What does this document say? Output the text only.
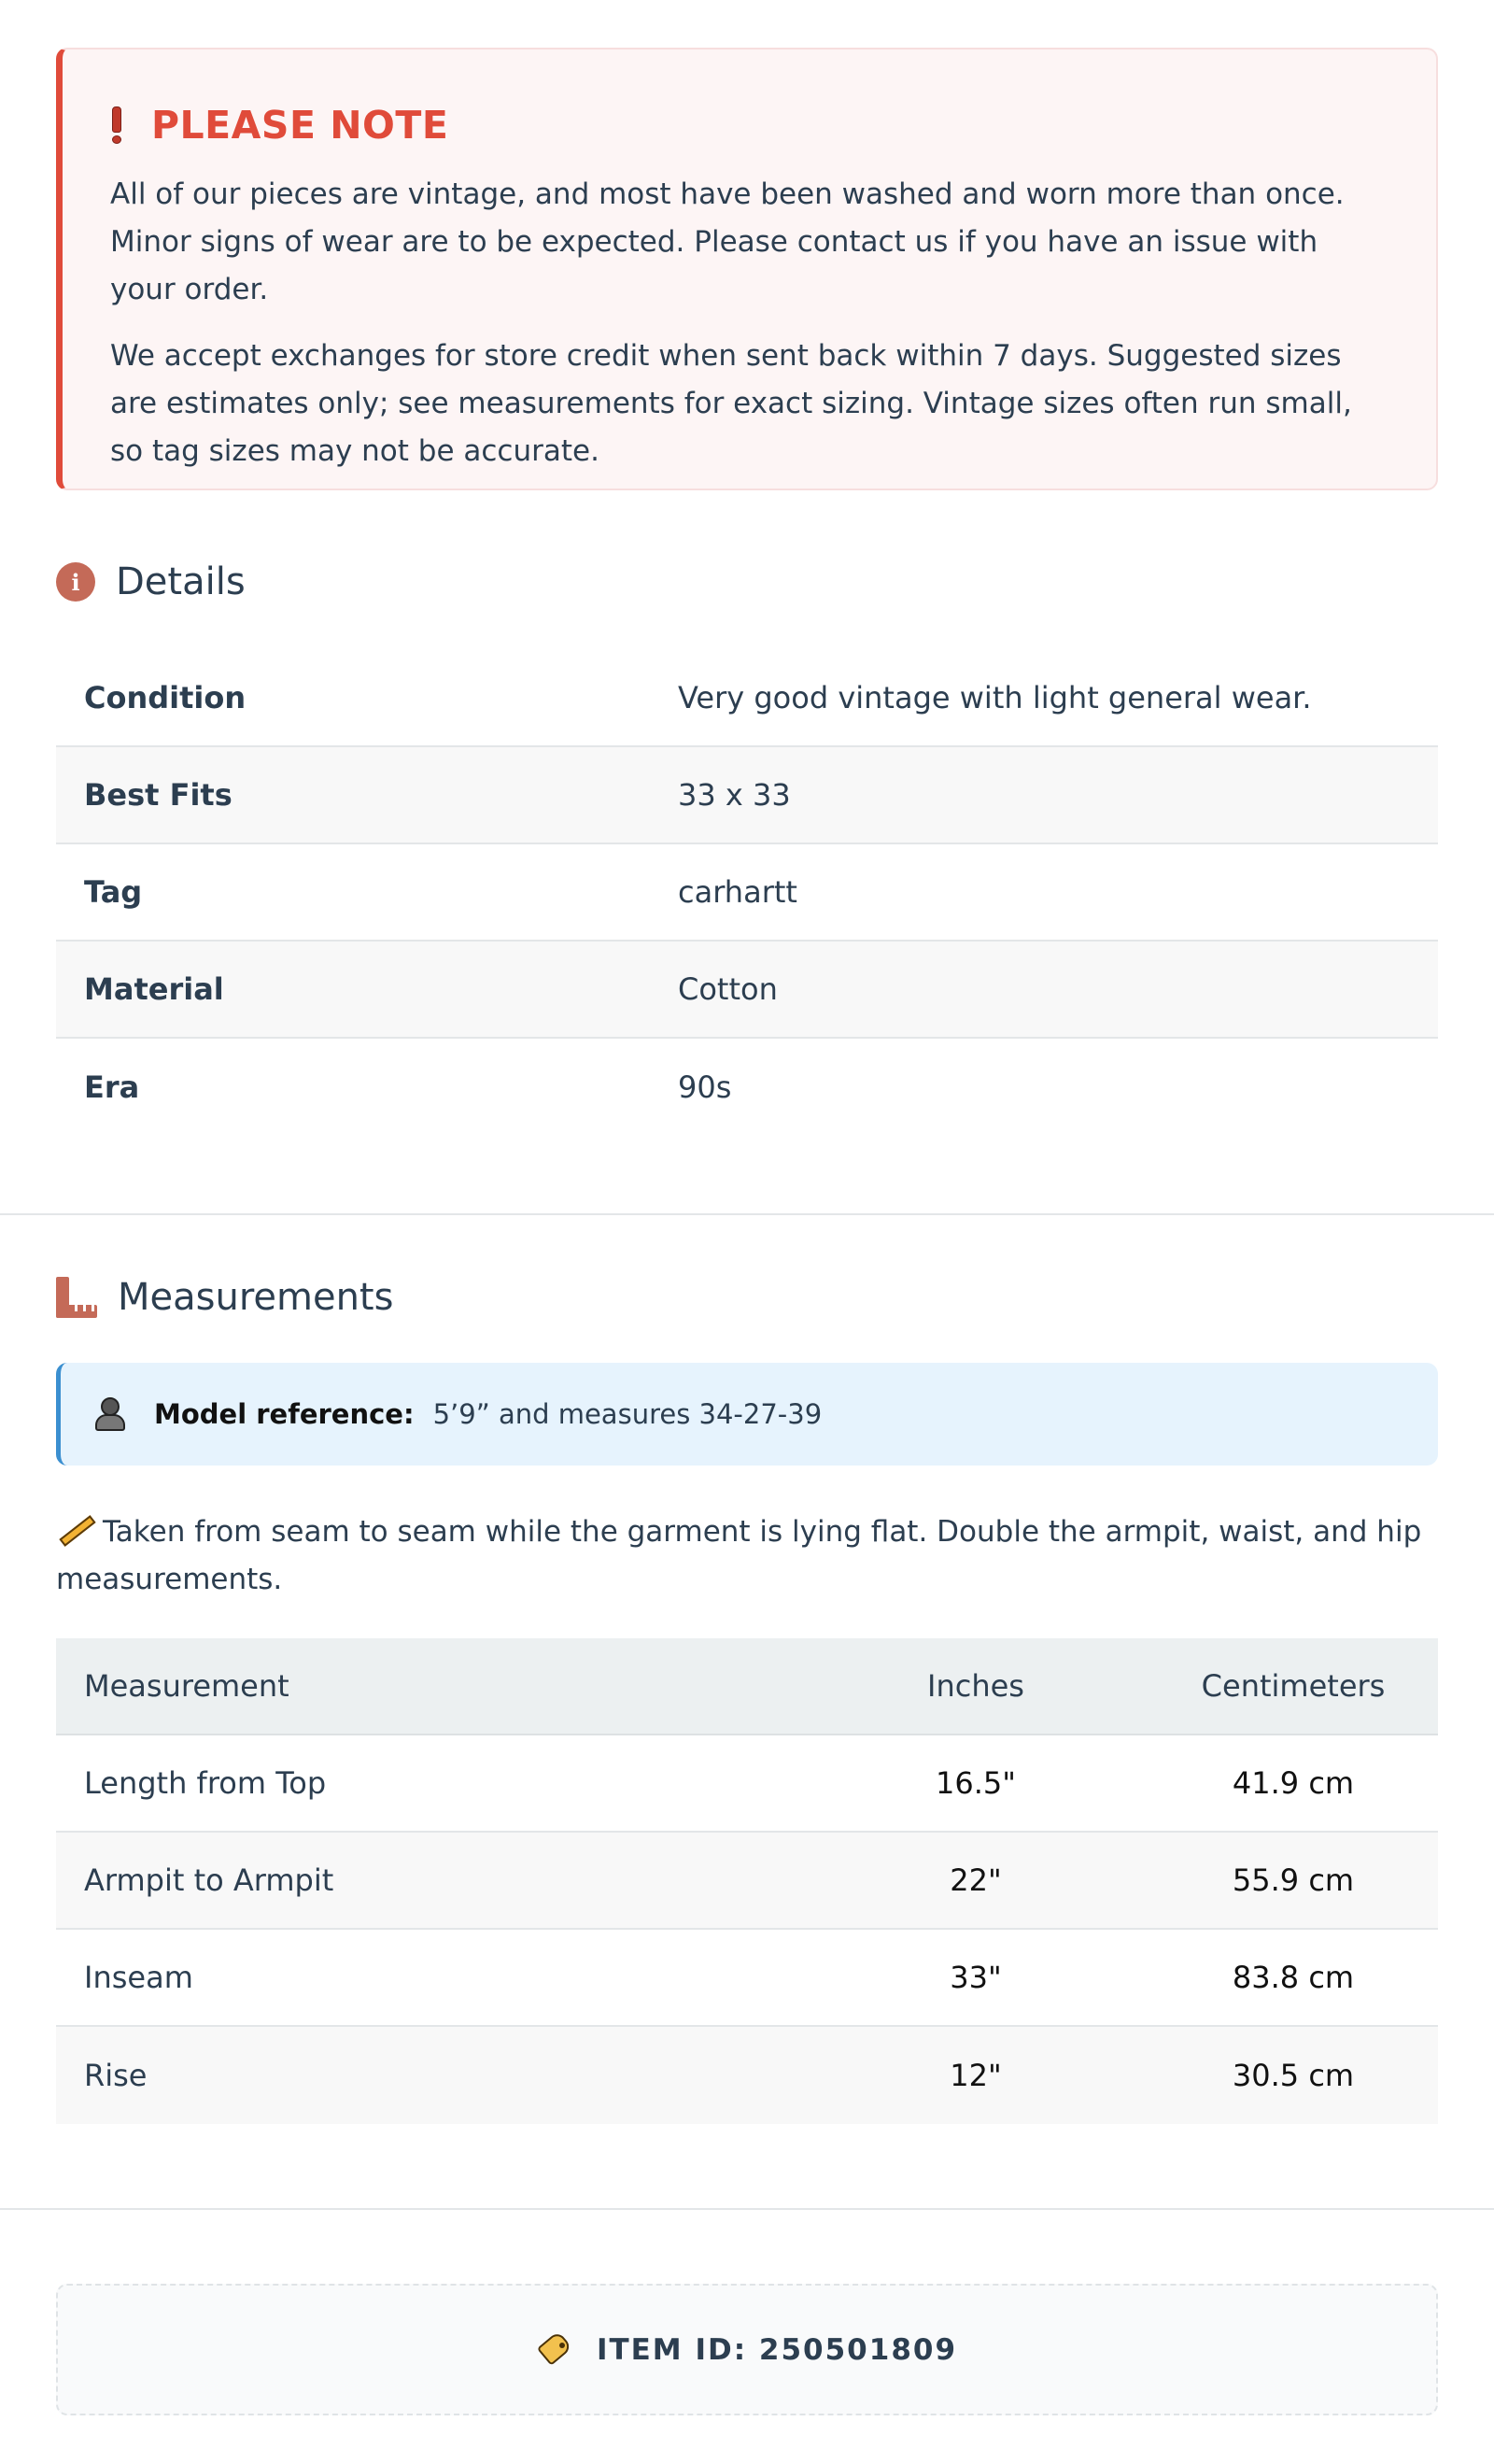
PLEASE NOTE

All of our pieces are vintage, and most have been washed and worn more than once. Minor signs of wear are to be expected. Please contact us if you have an issue with your order.

We accept exchanges for store credit when sent back within 7 days. Suggested sizes are estimates only; see measurements for exact sizing. Vintage sizes often run small, so tag sizes may not be accurate.

i Details
Condition	Very good vintage with light general wear.
Best Fits	33 x 33
Tag	carhartt
Material	Cotton
Era	90s
Measurements
Model reference: 5’9” and measures 34-27-39
Taken from seam to seam while the garment is lying flat. Double the armpit, waist, and hip measurements.
Measurement	Inches	Centimeters
Length from Top	16.5"	41.9 cm
Armpit to Armpit	22"	55.9 cm
Inseam	33"	83.8 cm
Rise	12"	30.5 cm
ITEM ID: 250501809
